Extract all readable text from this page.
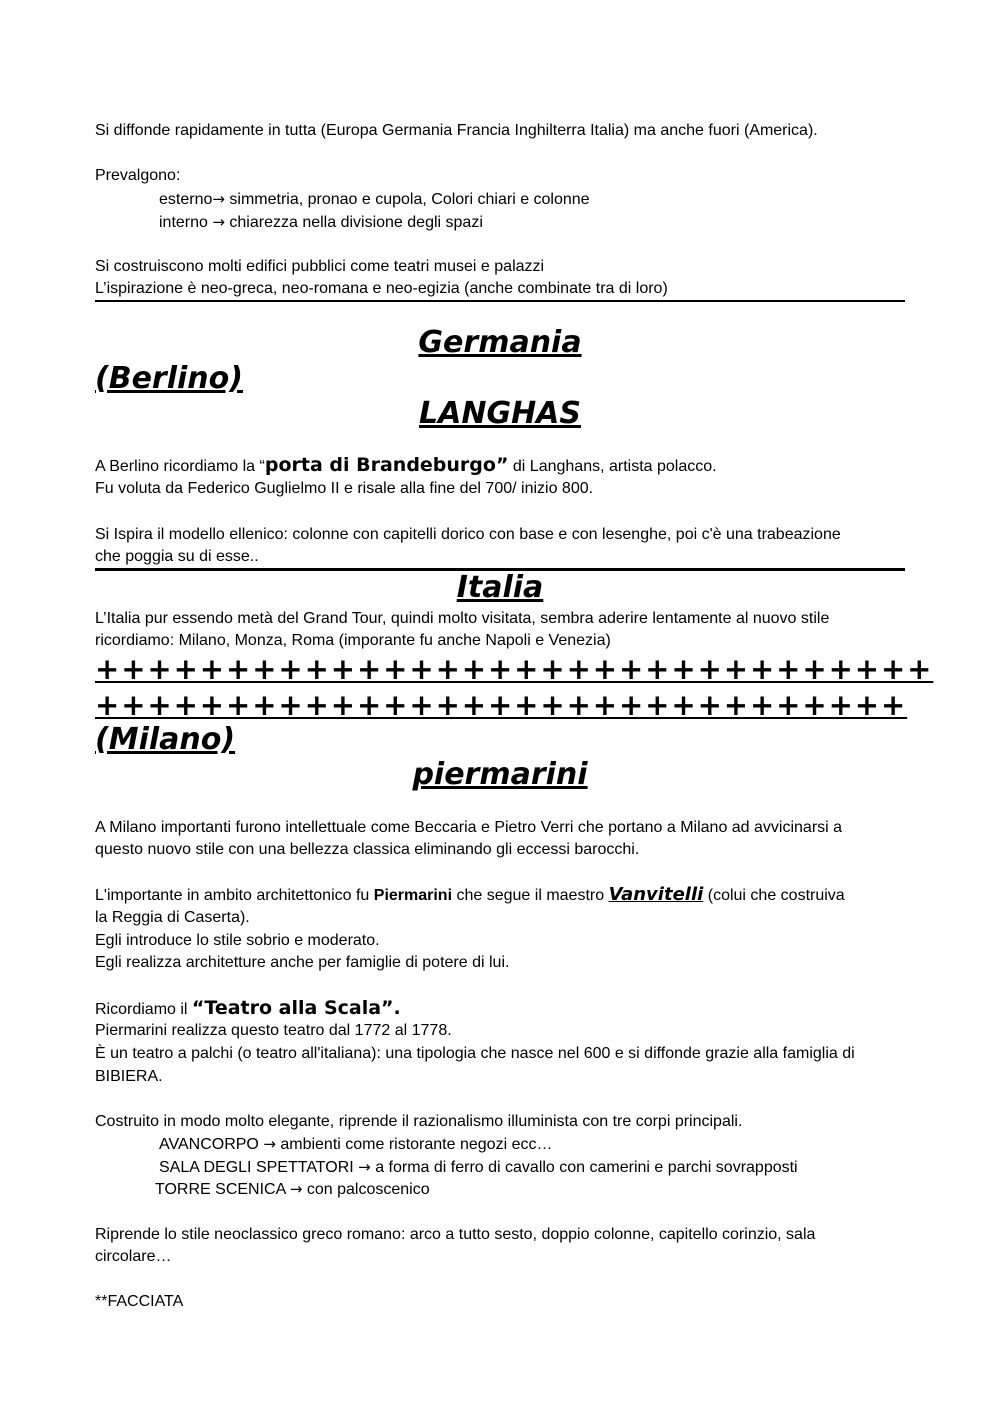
Si diffonde rapidamente in tutta (Europa Germania Francia Inghilterra Italia) ma anche fuori (America).
Prevalgono:
esterno→ simmetria, pronao e cupola, Colori chiari e colonne
interno → chiarezza nella divisione degli spazi
Si costruiscono molti edifici pubblici come teatri musei e palazzi
L’ispirazione è neo-greca, neo-romana e neo-egizia (anche combinate tra di loro)
Germania
(Berlino)
LANGHAS
A Berlino ricordiamo la “porta di Brandeburgo” di Langhans, artista polacco.
Fu voluta da Federico Guglielmo II e risale alla fine del 700/ inizio 800.
Si Ispira il modello ellenico: colonne con capitelli dorico con base e con lesenghe, poi c'è una trabeazione
che poggia su di esse..
Italia
L’Italia pur essendo metà del Grand Tour, quindi molto visitata, sembra aderire lentamente al nuovo stile
ricordiamo: Milano, Monza, Roma (imporante fu anche Napoli e Venezia)
++++++++++++++++++++++++++++++++
+++++++++++++++++++++++++++++++
(Milano)
piermarini
A Milano importanti furono intellettuale come Beccaria e Pietro Verri che portano a Milano ad avvicinarsi a
questo nuovo stile con una bellezza classica eliminando gli eccessi barocchi.
L'importante in ambito architettonico fu Piermarini che segue il maestro Vanvitelli (colui che costruiva
la Reggia di Caserta).
Egli introduce lo stile sobrio e moderato.
Egli realizza architetture anche per famiglie di potere di lui.
Ricordiamo il “Teatro alla Scala”.
Piermarini realizza questo teatro dal 1772 al 1778.
È un teatro a palchi (o teatro all'italiana): una tipologia che nasce nel 600 e si diffonde grazie alla famiglia di
BIBIERA.
Costruito in modo molto elegante, riprende il razionalismo illuminista con tre corpi principali.
AVANCORPO → ambienti come ristorante negozi ecc…
SALA DEGLI SPETTATORI → a forma di ferro di cavallo con camerini e parchi sovrapposti
TORRE SCENICA → con palcoscenico
Riprende lo stile neoclassico greco romano: arco a tutto sesto, doppio colonne, capitello corinzio, sala
circolare…
**FACCIATA
